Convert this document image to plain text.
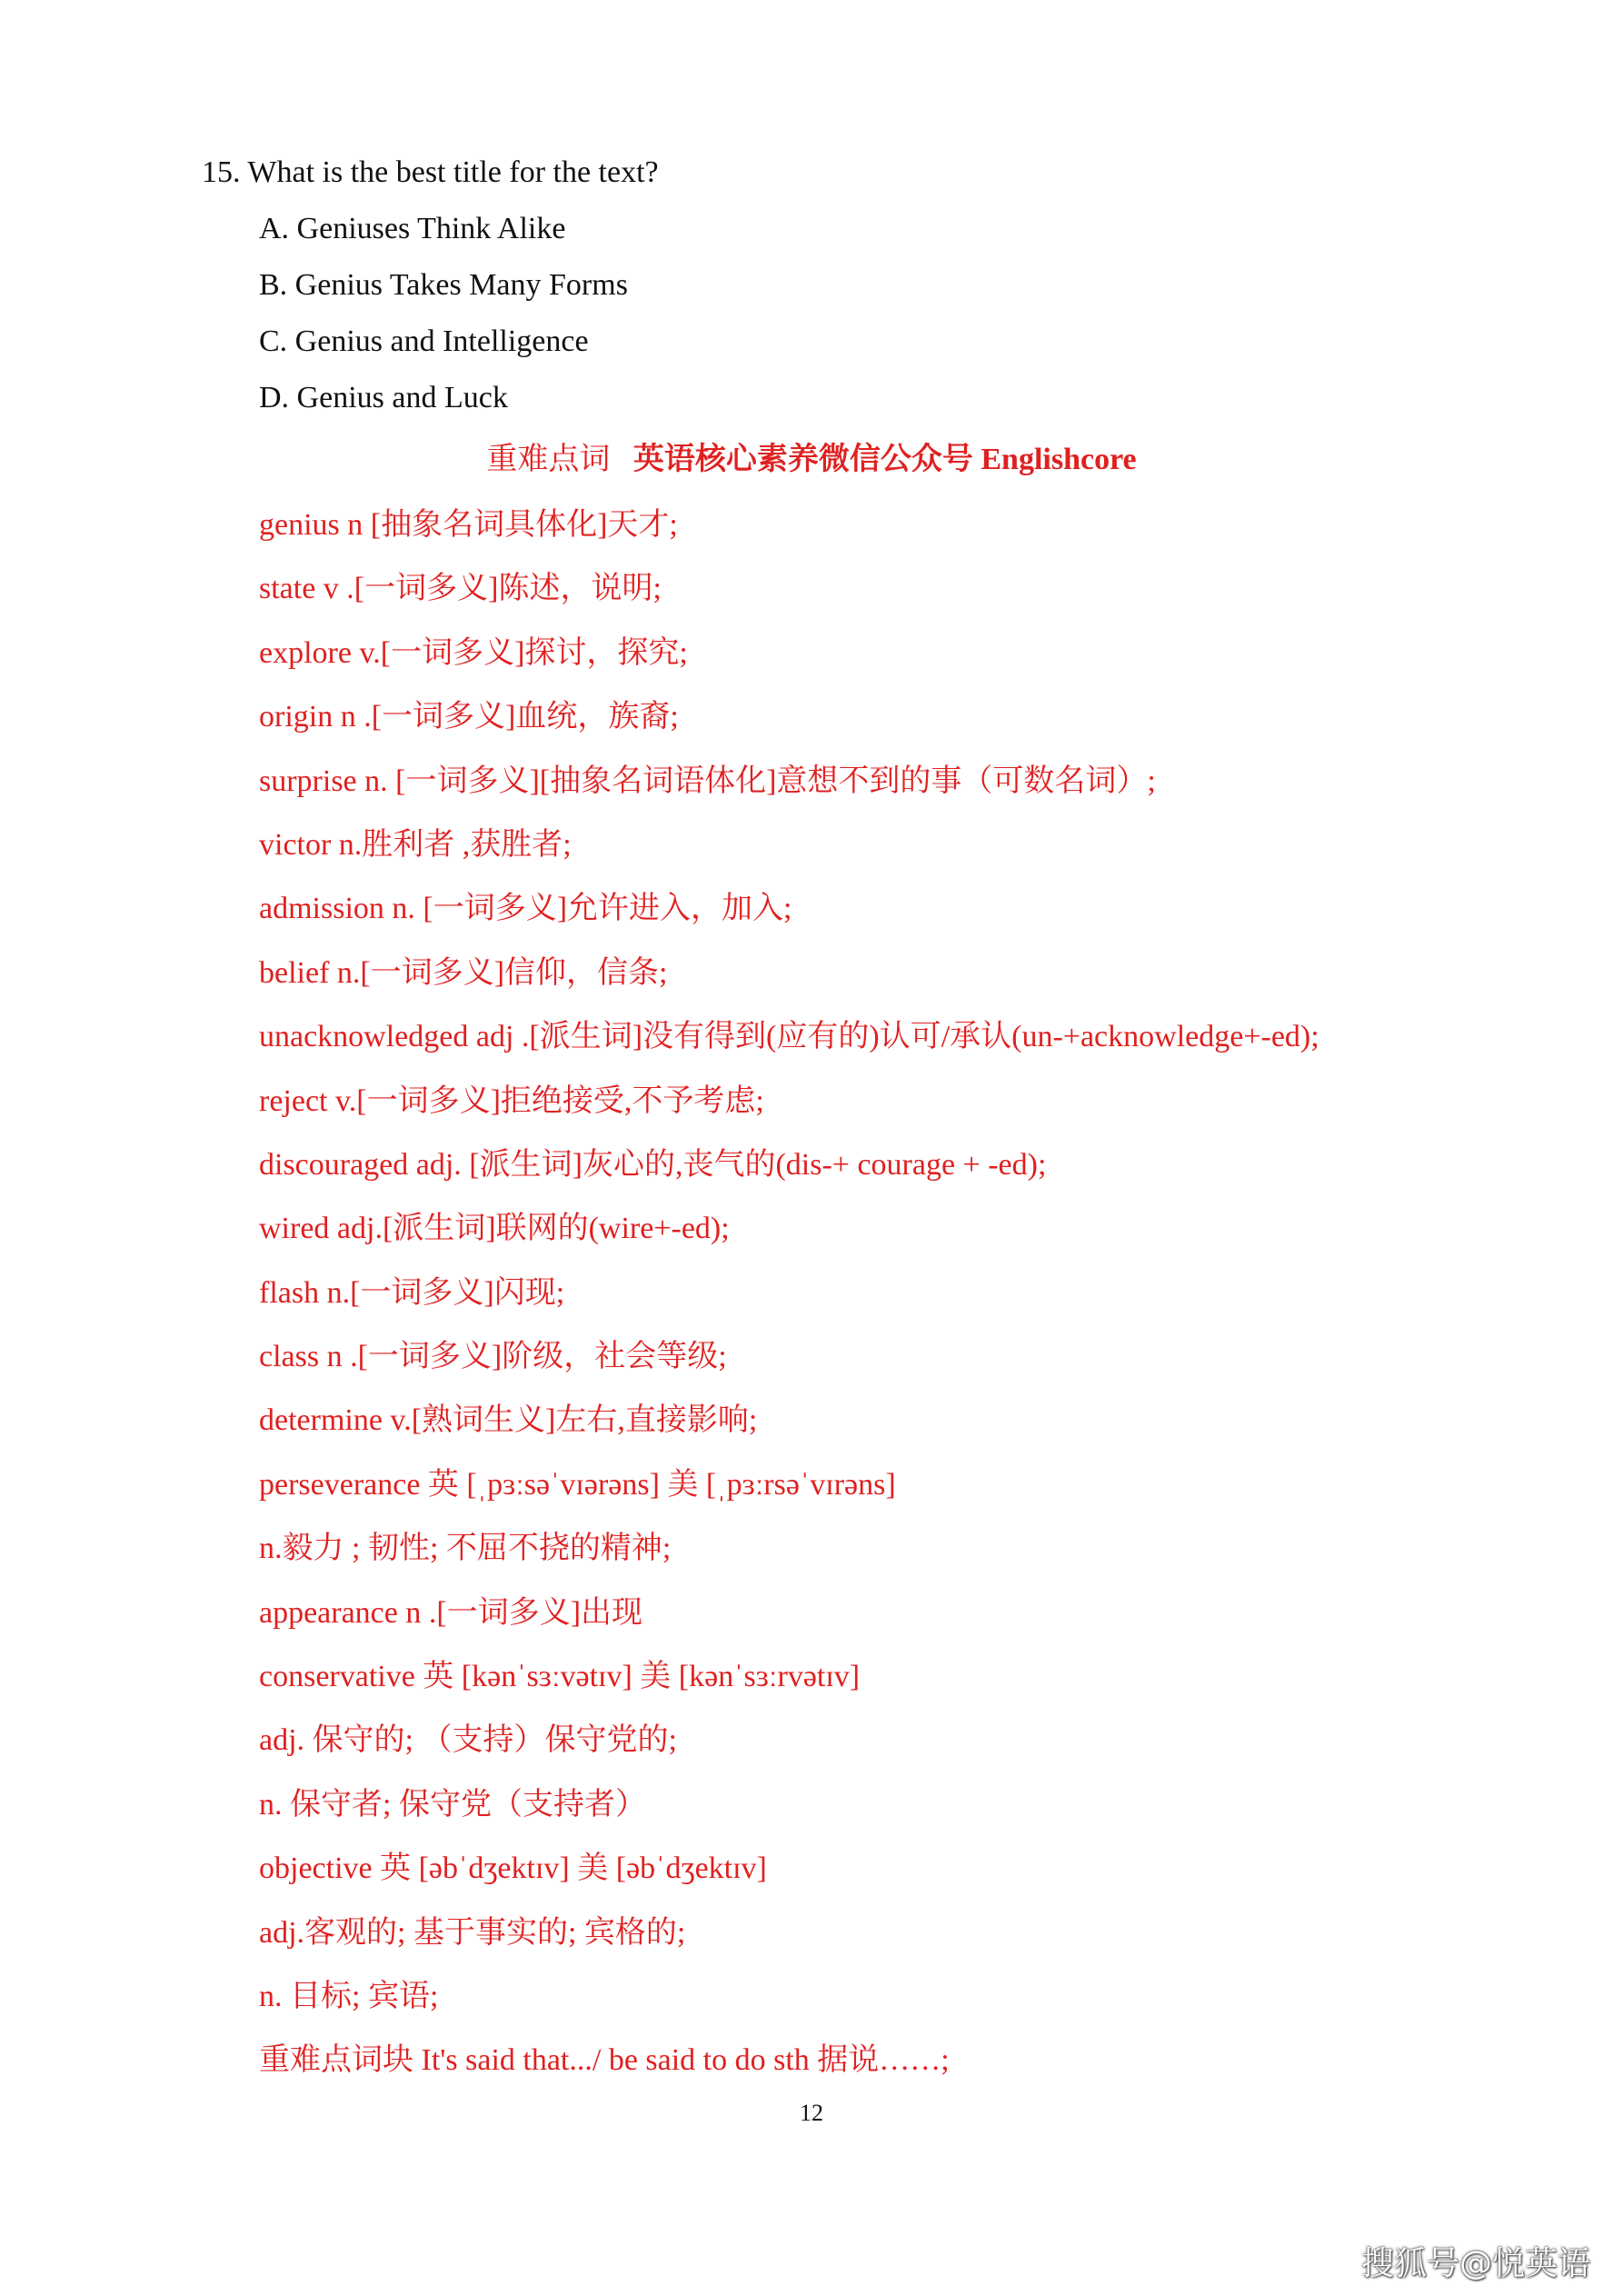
15. What is the best title for the text?
A. Geniuses Think Alike
B. Genius Takes Many Forms
C. Genius and Intelligence
D. Genius and Luck
重难点词 英语核心素养微信公众号 Englishcore
genius n [抽象名词具体化]天才;
state v .[一词多义]陈述，说明;
explore v.[一词多义]探讨，探究;
origin n .[一词多义]血统，族裔;
surprise n. [一词多义][抽象名词语体化]意想不到的事（可数名词）;
victor n.胜利者 ,获胜者;
admission n. [一词多义]允许进入，加入;
belief n.[一词多义]信仰，信条;
unacknowledged adj .[派生词]没有得到(应有的)认可/承认(un-+acknowledge+-ed);
reject v.[一词多义]拒绝接受,不予考虑;
discouraged adj. [派生词]灰心的,丧气的(dis-+ courage + -ed);
wired adj.[派生词]联网的(wire+-ed);
flash n.[一词多义]闪现;
class n .[一词多义]阶级，社会等级;
determine v.[熟词生义]左右,直接影响;
perseverance 英 [ˌpɜːsəˈvɪərəns] 美 [ˌpɜːrsəˈvɪrəns]
n.毅力 ; 韧性; 不屈不挠的精神;
appearance n .[一词多义]出现
conservative 英 [kənˈsɜːvətɪv] 美 [kənˈsɜːrvətɪv]
adj. 保守的; （支持）保守党的;
n. 保守者; 保守党（支持者）
objective 英 [əbˈdʒektɪv] 美 [əbˈdʒektɪv]
adj.客观的; 基于事实的; 宾格的;
n. 目标; 宾语;
重难点词块 It's said that.../ be said to do sth 据说……;
12
搜狐号@悦英语
